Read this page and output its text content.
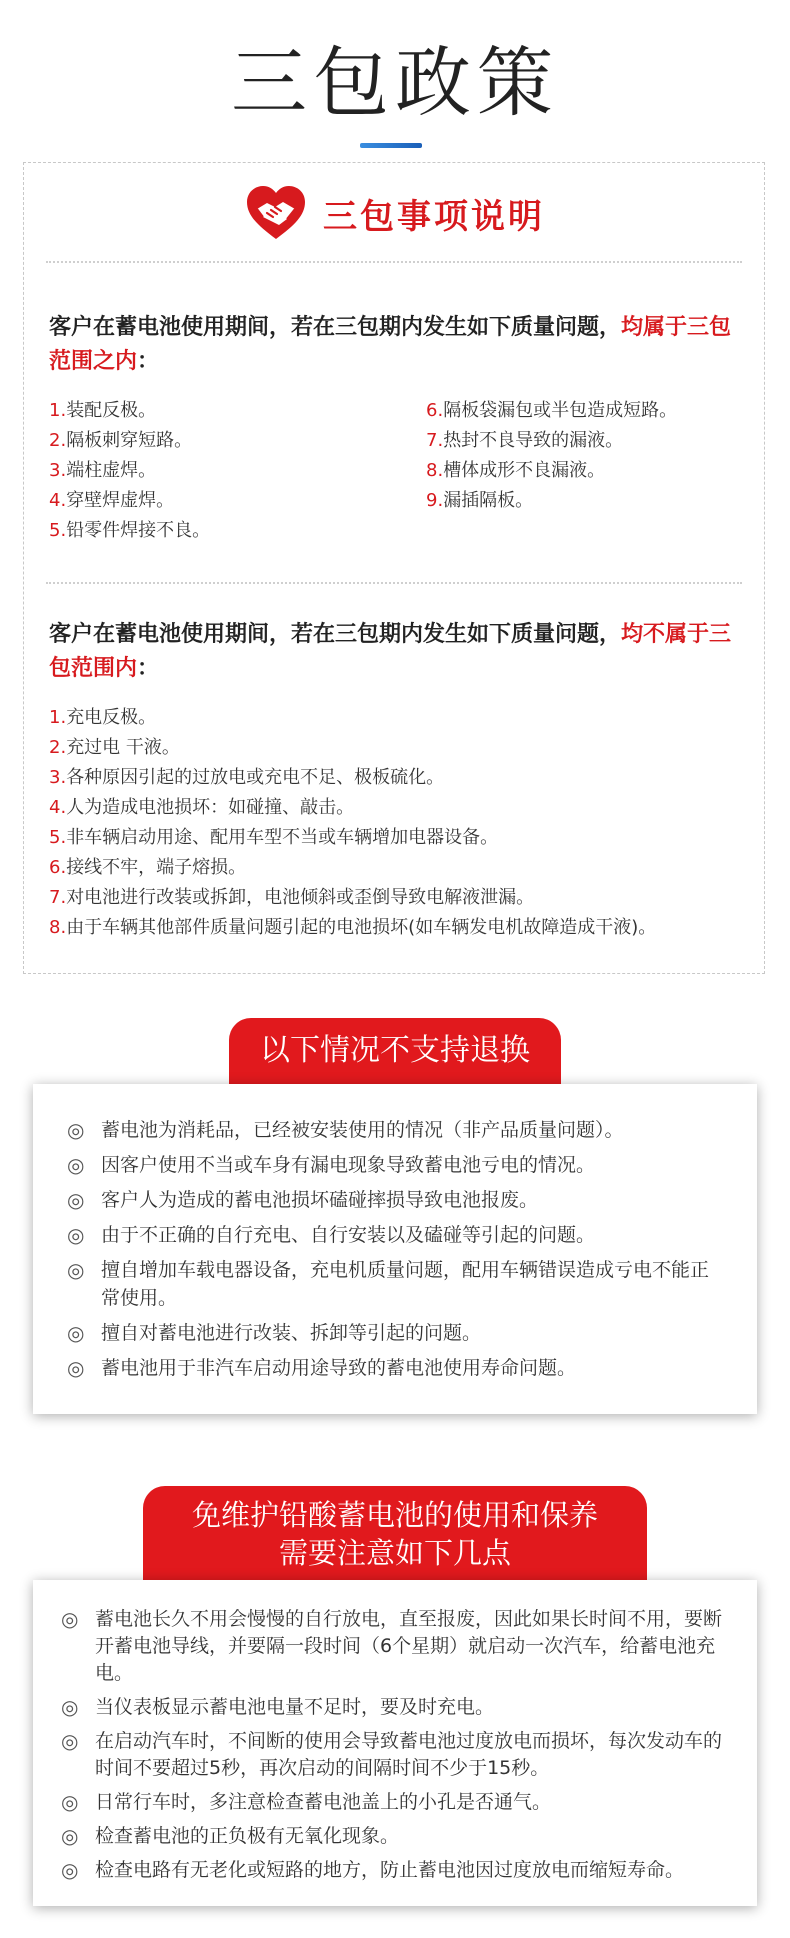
三包政策
三包事项说明
客户在蓄电池使用期间，若在三包期内发生如下质量问题，均属于三包范围之内：
1.装配反极。
2.隔板刺穿短路。
3.端柱虚焊。
4.穿壁焊虚焊。
5.铅零件焊接不良。
6.隔板袋漏包或半包造成短路。
7.热封不良导致的漏液。
8.槽体成形不良漏液。
9.漏插隔板。
客户在蓄电池使用期间，若在三包期内发生如下质量问题，均不属于三包范围内：
1.充电反极。
2.充过电 干液。
3.各种原因引起的过放电或充电不足、极板硫化。
4.人为造成电池损坏：如碰撞、敲击。
5.非车辆启动用途、配用车型不当或车辆增加电器设备。
6.接线不牢，端子熔损。
7.对电池进行改装或拆卸，电池倾斜或歪倒导致电解液泄漏。
8.由于车辆其他部件质量问题引起的电池损坏(如车辆发电机故障造成干液)。
以下情况不支持退换
◎ 蓄电池为消耗品，已经被安装使用的情况（非产品质量问题）。
◎ 因客户使用不当或车身有漏电现象导致蓄电池亏电的情况。
◎ 客户人为造成的蓄电池损坏磕碰摔损导致电池报废。
◎ 由于不正确的自行充电、自行安装以及磕碰等引起的问题。
◎ 擅自增加车载电器设备，充电机质量问题，配用车辆错误造成亏电不能正常使用。
◎ 擅自对蓄电池进行改装、拆卸等引起的问题。
◎ 蓄电池用于非汽车启动用途导致的蓄电池使用寿命问题。
免维护铅酸蓄电池的使用和保养
需要注意如下几点
◎ 蓄电池长久不用会慢慢的自行放电，直至报废，因此如果长时间不用，要断开蓄电池导线，并要隔一段时间（6个星期）就启动一次汽车，给蓄电池充电。
◎ 当仪表板显示蓄电池电量不足时，要及时充电。
◎ 在启动汽车时，不间断的使用会导致蓄电池过度放电而损坏，每次发动车的时间不要超过5秒，再次启动的间隔时间不少于15秒。
◎ 日常行车时，多注意检查蓄电池盖上的小孔是否通气。
◎ 检查蓄电池的正负极有无氧化现象。
◎ 检查电路有无老化或短路的地方，防止蓄电池因过度放电而缩短寿命。
